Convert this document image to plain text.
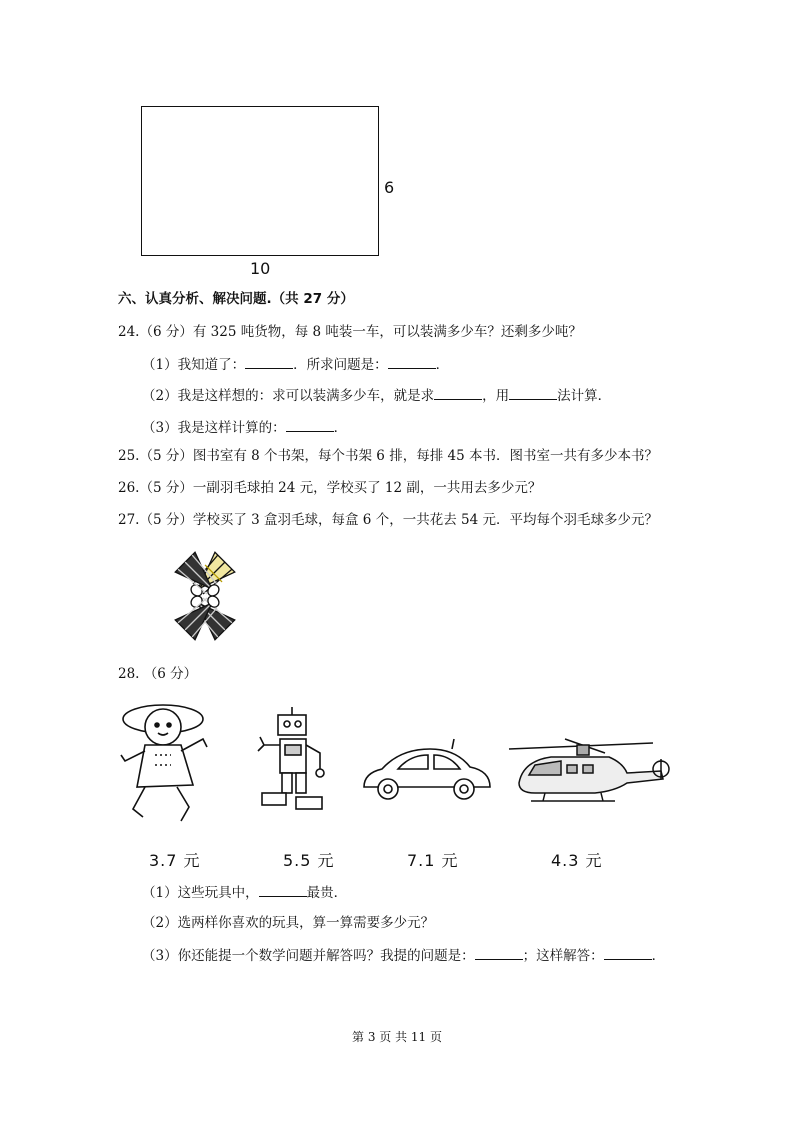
6
10
六、认真分析、解决问题.（共 27 分）
24.（6 分）有 325 吨货物，每 8 吨装一车，可以装满多少车？还剩多少吨？
（1）我知道了：	．所求问题是：	．
（2）我是这样想的：求可以装满多少车，就是求	，用	法计算．
（3）我是这样计算的：	．
25.（5 分）图书室有 8 个书架，每个书架 6 排，每排 45 本书．图书室一共有多少本书？
26.（5 分）一副羽毛球拍 24 元，学校买了 12 副，一共用去多少元？
27.（5 分）学校买了 3 盒羽毛球，每盒 6 个，一共花去 54 元．平均每个羽毛球多少元？
28. （6 分）
3.7 元	5.5 元	7.1 元	4.3 元
（1）这些玩具中，	最贵．
（2）选两样你喜欢的玩具，算一算需要多少元？
（3）你还能提一个数学问题并解答吗？我提的问题是：	；这样解答：	．
第 3 页 共 11 页
